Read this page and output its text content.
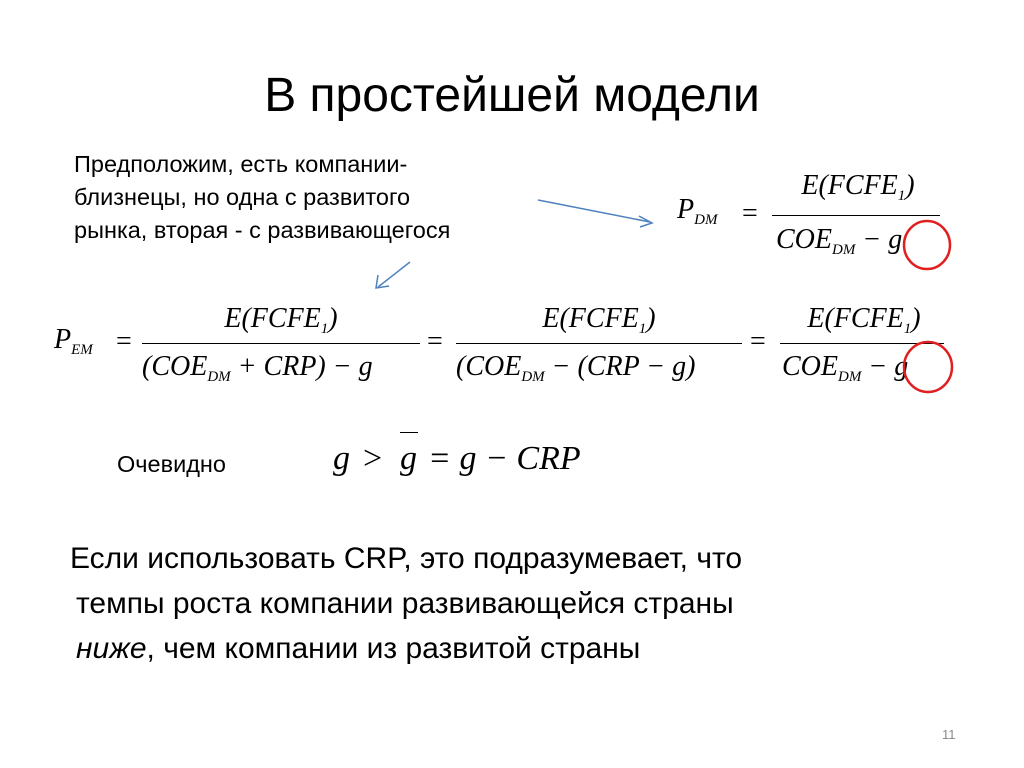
В простейшей модели
Предположим, есть компании-
близнецы, но одна с развитого
рынка, вторая - с развивающегося
$P_{DM}$ =
$E(FCFE_1)$
$COE_{DM} - g$
$P_{EM}$ =
$E(FCFE_1)$
$(COE_{DM} + CRP) - g$
=
$E(FCFE_1)$
($COE_{DM} - (CRP - g)$
=
$E(FCFE_1)$
$COE_{DM} - g$
Очевидно	g > g = g − CRP
Если использовать CRP, это подразумевает, что
темпы роста компании развивающейся страны
ниже, чем компании из развитой страны
11
